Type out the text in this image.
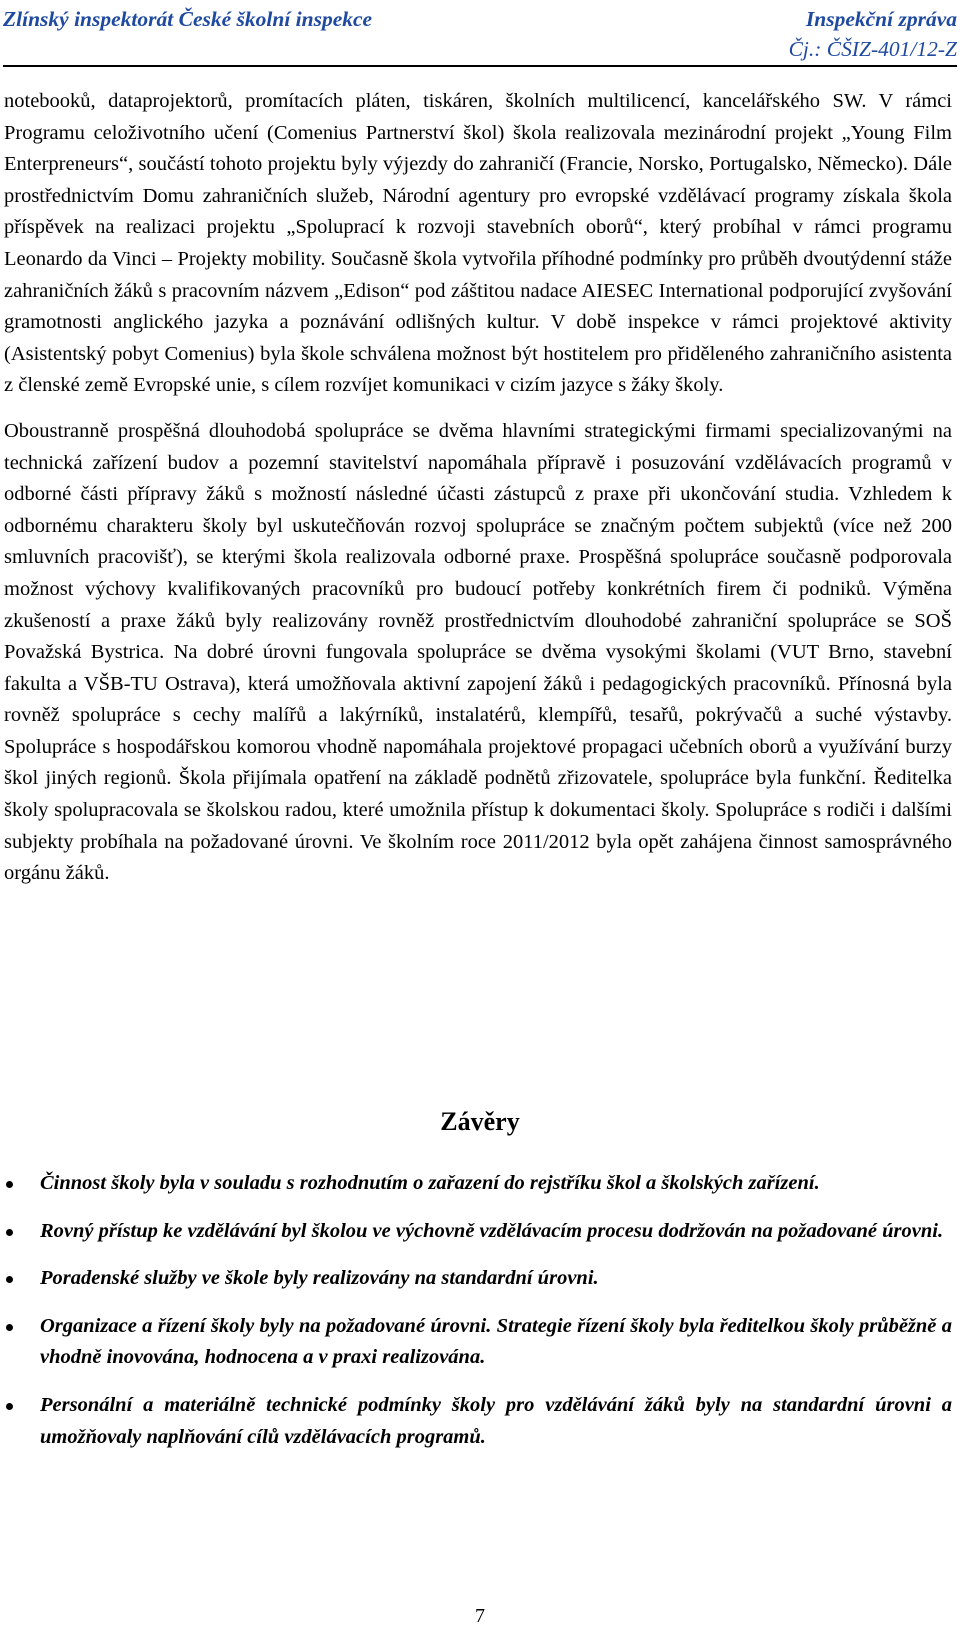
Zlínský inspektorát České školní inspekce	Inspekční zpráva
Čj.: ČŠIZ-401/12-Z

notebooků, dataprojektorů, promítacích pláten, tiskáren, školních multilicencí, kancelářského SW. V rámci Programu celoživotního učení (Comenius Partnerství škol) škola realizovala mezinárodní projekt „Young Film Enterpreneurs“, součástí tohoto projektu byly výjezdy do zahraničí (Francie, Norsko, Portugalsko, Německo). Dále prostřednictvím Domu zahraničních služeb, Národní agentury pro evropské vzdělávací programy získala škola příspěvek na realizaci projektu „Spoluprací k rozvoji stavebních oborů“, který probíhal v rámci programu Leonardo da Vinci – Projekty mobility. Současně škola vytvořila příhodné podmínky pro průběh dvoutýdenní stáže zahraničních žáků s pracovním názvem „Edison“ pod záštitou nadace AIESEC International podporující zvyšování gramotnosti anglického jazyka a poznávání odlišných kultur. V době inspekce v rámci projektové aktivity (Asistentský pobyt Comenius) byla škole schválena možnost být hostitelem pro přiděleného zahraničního asistenta z členské země Evropské unie, s cílem rozvíjet komunikaci v cizím jazyce s žáky školy.

Oboustranně prospěšná dlouhodobá spolupráce se dvěma hlavními strategickými firmami specializovanými na technická zařízení budov a pozemní stavitelství napomáhala přípravě i posuzování vzdělávacích programů v odborné části přípravy žáků s možností následné účasti zástupců z praxe při ukončování studia. Vzhledem k odbornému charakteru školy byl uskutečňován rozvoj spolupráce se značným počtem subjektů (více než 200 smluvních pracovišť), se kterými škola realizovala odborné praxe. Prospěšná spolupráce současně podporovala možnost výchovy kvalifikovaných pracovníků pro budoucí potřeby konkrétních firem či podniků. Výměna zkušeností a praxe žáků byly realizovány rovněž prostřednictvím dlouhodobé zahraniční spolupráce se SOŠ Považská Bystrica. Na dobré úrovni fungovala spolupráce se dvěma vysokými školami (VUT Brno, stavební fakulta a VŠB-TU Ostrava), která umožňovala aktivní zapojení žáků i pedagogických pracovníků. Přínosná byla rovněž spolupráce s cechy malířů a lakýrníků, instalatérů, klempířů, tesařů, pokrývačů a suché výstavby. Spolupráce s hospodářskou komorou vhodně napomáhala projektové propagaci učebních oborů a využívání burzy škol jiných regionů. Škola přijímala opatření na základě podnětů zřizovatele, spolupráce byla funkční. Ředitelka školy spolupracovala se školskou radou, které umožnila přístup k dokumentaci školy. Spolupráce s rodiči i dalšími subjekty probíhala na požadované úrovni. Ve školním roce 2011/2012 byla opět zahájena činnost samosprávného orgánu žáků.

Závěry
Činnost školy byla v souladu s rozhodnutím o zařazení do rejstříku škol a školských zařízení.
Rovný přístup ke vzdělávání byl školou ve výchovně vzdělávacím procesu dodržován na požadované úrovni.
Poradenské služby ve škole byly realizovány na standardní úrovni.
Organizace a řízení školy byly na požadované úrovni. Strategie řízení školy byla ředitelkou školy průběžně a vhodně inovována, hodnocena a v praxi realizována.
Personální a materiálně technické podmínky školy pro vzdělávání žáků byly na standardní úrovni a umožňovaly naplňování cílů vzdělávacích programů.
7
